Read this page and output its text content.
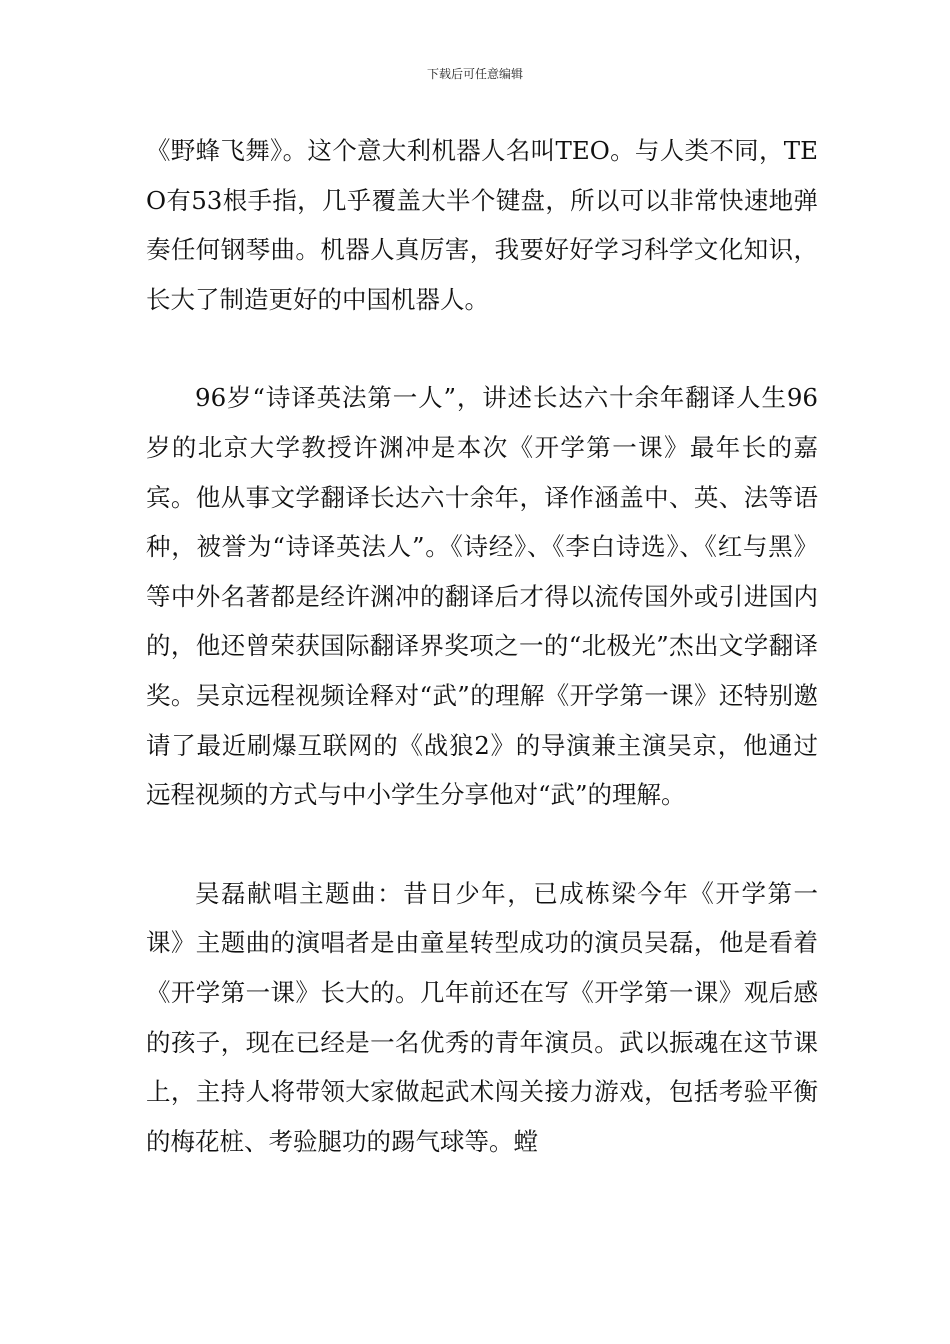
下载后可任意编辑

《野蜂飞舞》。这个意大利机器人名叫TEO。与人类不同，TEO有53根手指，几乎覆盖大半个键盘，所以可以非常快速地弹奏任何钢琴曲。机器人真厉害，我要好好学习科学文化知识，长大了制造更好的中国机器人。

96岁“诗译英法第一人”，讲述长达六十余年翻译人生96岁的北京大学教授许渊冲是本次《开学第一课》最年长的嘉宾。他从事文学翻译长达六十余年，译作涵盖中、英、法等语种，被誉为“诗译英法人”。《诗经》、《李白诗选》、《红与黑》等中外名著都是经许渊冲的翻译后才得以流传国外或引进国内的，他还曾荣获国际翻译界奖项之一的“北极光”杰出文学翻译奖。吴京远程视频诠释对“武”的理解《开学第一课》还特别邀请了最近刷爆互联网的《战狼2》的导演兼主演吴京，他通过远程视频的方式与中小学生分享他对“武”的理解。

吴磊献唱主题曲：昔日少年，已成栋梁今年《开学第一课》主题曲的演唱者是由童星转型成功的演员吴磊，他是看着《开学第一课》长大的。几年前还在写《开学第一课》观后感的孩子，现在已经是一名优秀的青年演员。武以振魂在这节课上，主持人将带领大家做起武术闯关接力游戏，包括考验平衡的梅花桩、考验腿功的踢气球等。螳
